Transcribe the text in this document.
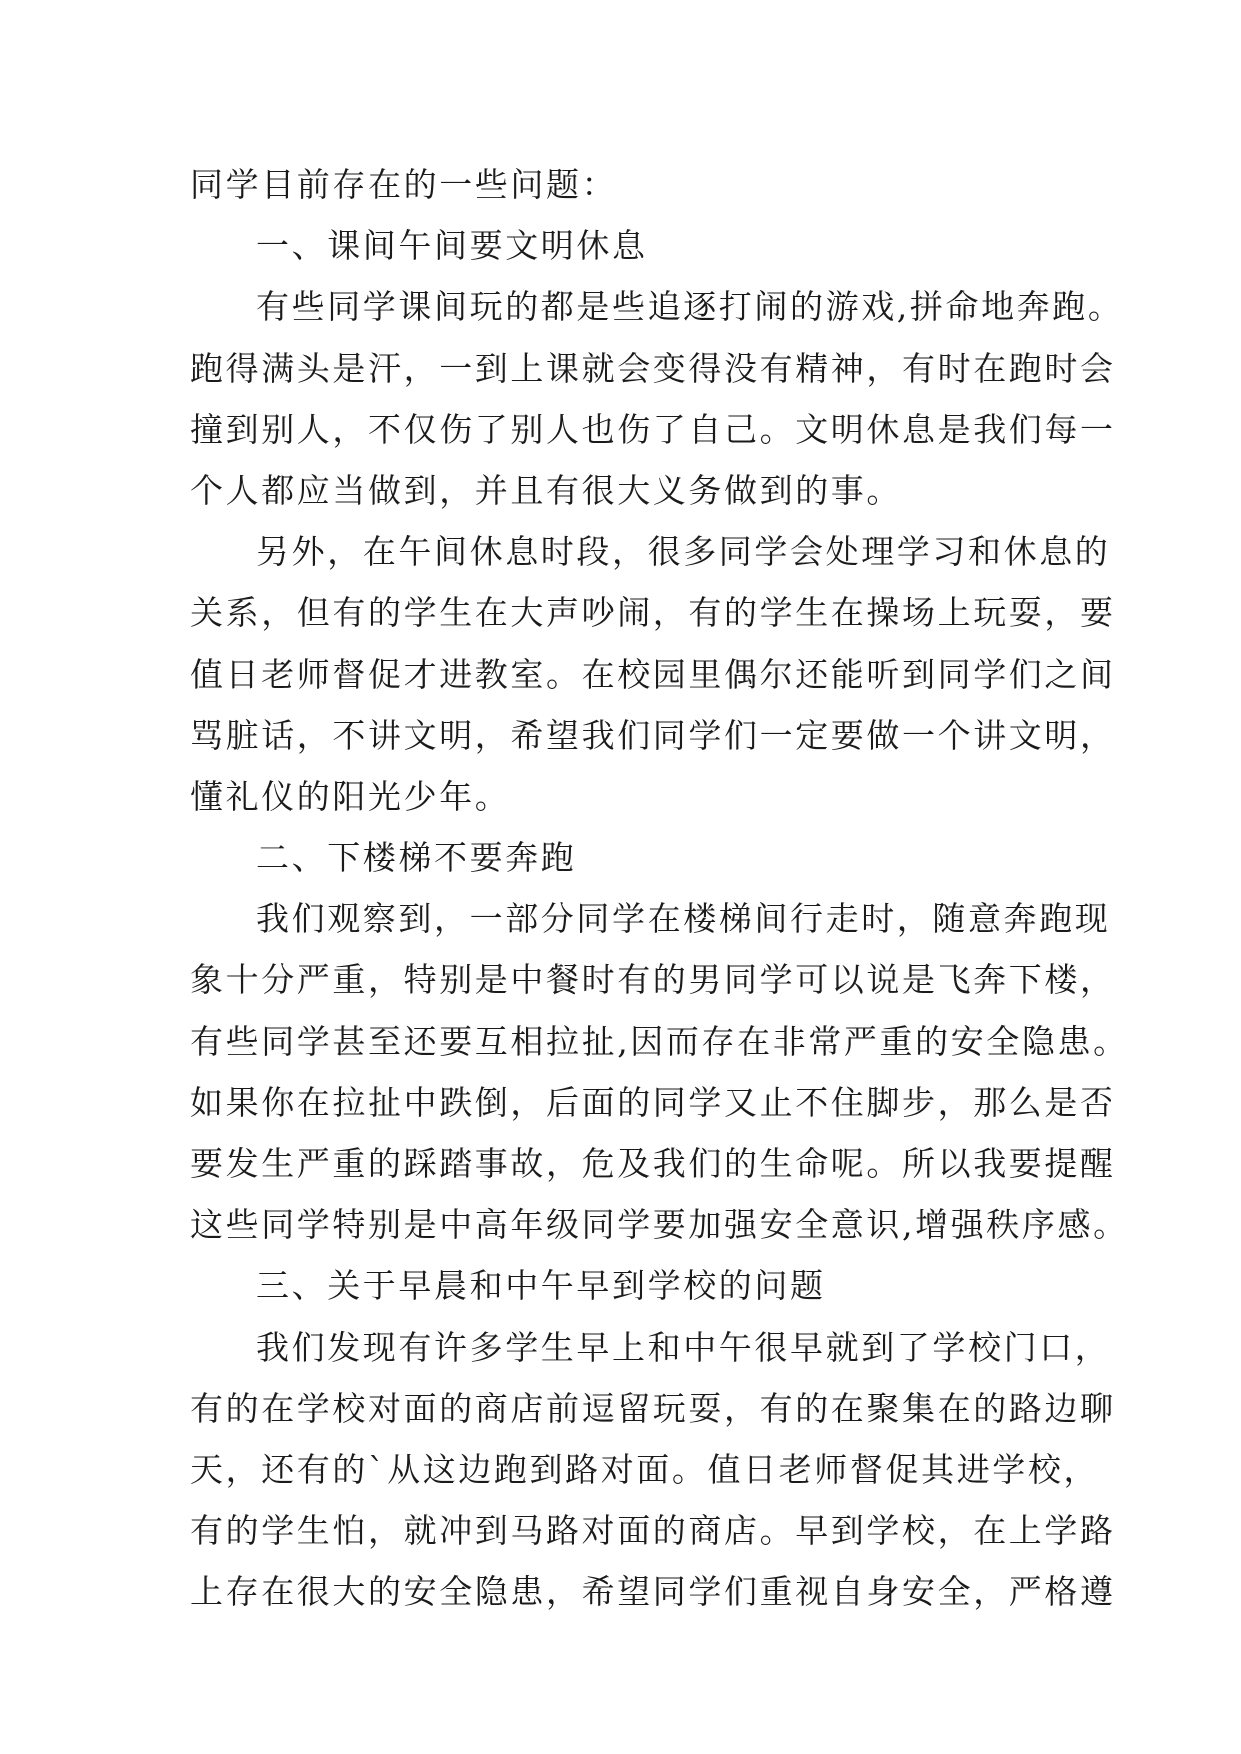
同学目前存在的一些问题：
一、课间午间要文明休息
有些同学课间玩的都是些追逐打闹的游戏,拼命地奔跑。
跑得满头是汗，一到上课就会变得没有精神，有时在跑时会
撞到别人，不仅伤了别人也伤了自己。文明休息是我们每一
个人都应当做到，并且有很大义务做到的事。
另外，在午间休息时段，很多同学会处理学习和休息的
关系，但有的学生在大声吵闹，有的学生在操场上玩耍，要
值日老师督促才进教室。在校园里偶尔还能听到同学们之间
骂脏话，不讲文明，希望我们同学们一定要做一个讲文明，
懂礼仪的阳光少年。
二、下楼梯不要奔跑
我们观察到，一部分同学在楼梯间行走时，随意奔跑现
象十分严重，特别是中餐时有的男同学可以说是飞奔下楼，
有些同学甚至还要互相拉扯,因而存在非常严重的安全隐患。
如果你在拉扯中跌倒，后面的同学又止不住脚步，那么是否
要发生严重的踩踏事故，危及我们的生命呢。所以我要提醒
这些同学特别是中高年级同学要加强安全意识,增强秩序感。
三、关于早晨和中午早到学校的问题
我们发现有许多学生早上和中午很早就到了学校门口，
有的在学校对面的商店前逗留玩耍，有的在聚集在的路边聊
天，还有的`从这边跑到路对面。值日老师督促其进学校，
有的学生怕，就冲到马路对面的商店。早到学校，在上学路
上存在很大的安全隐患，希望同学们重视自身安全，严格遵
